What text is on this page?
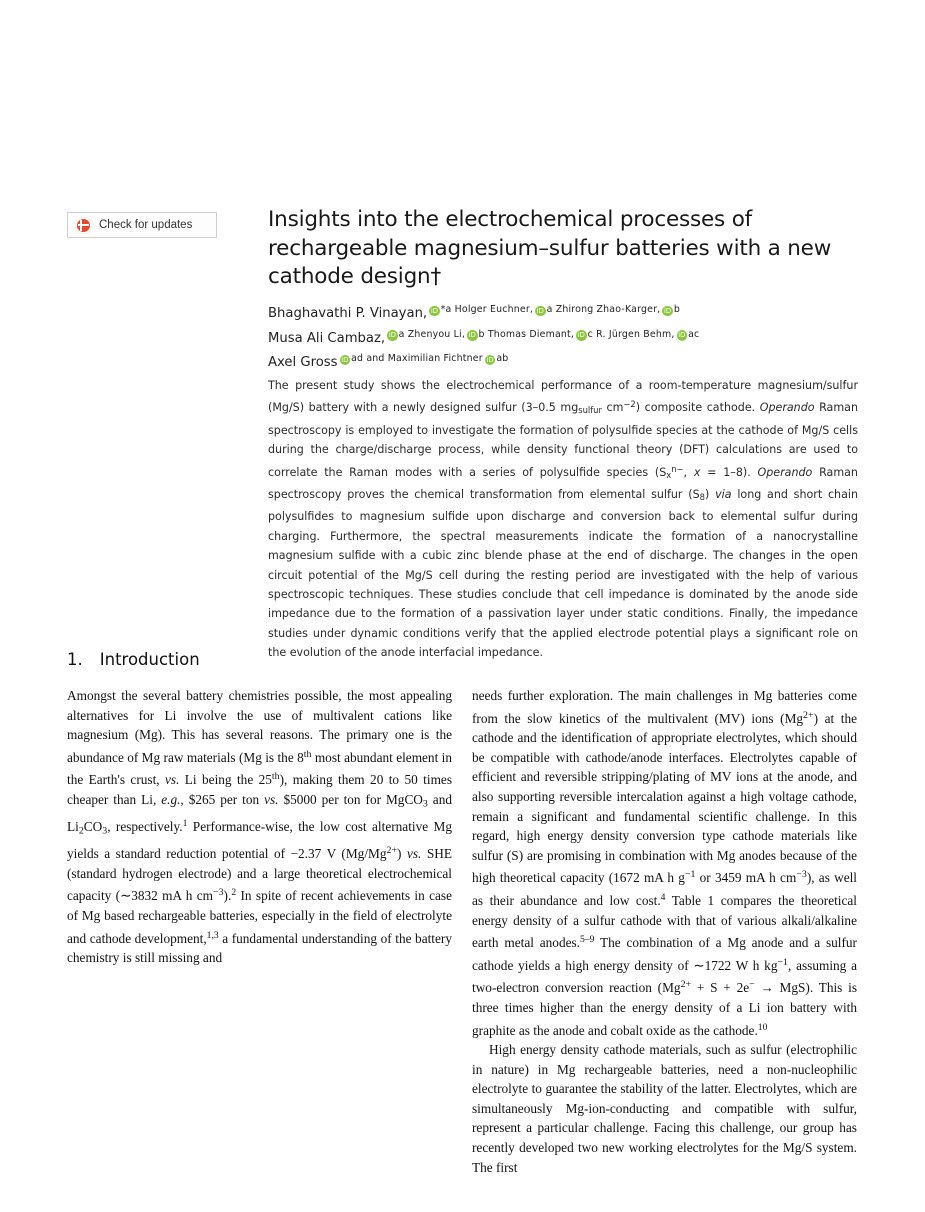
Check for updates	Insights into the electrochemical processes of rechargeable magnesium–sulfur batteries with a new cathode design†
Bhaghavathi P. Vinayan, iD $^{*a Holger Euchner,}$ iD $^{a Zhirong Zhao-Karger,}$ iD $^b$
Musa Ali Cambaz, iD $^{a Zhenyou Li,}$ iD $^{b Thomas Diemant,}$ iD $^{c R. Jürgen Behm,}$ iD $^{ac}$
Axel Gross iD $^{ad and Maximilian Fichtner}$ iD $^{ab}$
The present study shows the electrochemical performance of a room-temperature magnesium/sulfur (Mg/S) battery with a newly designed sulfur (3–0.5 $mg_{sulfur}$ $cm^{-2}$) composite cathode. Operando Raman spectroscopy is employed to investigate the formation of polysulfide species at the cathode of Mg/S cells during the charge/discharge process, while density functional theory (DFT) calculations are used to correlate the Raman modes with a series of polysulfide species ($S_x^{n-}$, x = 1–8). Operando Raman spectroscopy proves the chemical transformation from elemental sulfur $(S_8)$ via long and short chain polysulfides to magnesium sulfide upon discharge and conversion back to elemental sulfur during charging. Furthermore, the spectral measurements indicate the formation of a nanocrystalline magnesium sulfide with a cubic zinc blende phase at the end of discharge. The changes in the open circuit potential of the Mg/S cell during the resting period are investigated with the help of various spectroscopic techniques. These studies conclude that cell impedance is dominated by the anode side impedance due to the formation of a passivation layer under static conditions. Finally, the impedance studies under dynamic conditions verify that the applied electrode potential plays a significant role on the evolution of the anode interfacial impedance.
1. Introduction

Amongst the several battery chemistries possible, the most appealing alternatives for Li involve the use of multivalent cations like magnesium (Mg). This has several reasons. The primary one is the abundance of Mg raw materials (Mg is the 8th most abundant element in the Earth's crust, vs. Li being the 25th), making them 20 to 50 times cheaper than Li, e.g., $265 per ton vs. $5000 per ton for MgCO3 and Li2CO3, respectively.$^1$ Performance-wise, the low cost alternative Mg yields a standard reduction potential of −2.37 V $(Mg/Mg^{2+})$ vs. SHE (standard hydrogen electrode) and a large theoretical electrochemical capacity (∼3832 mA h $cm^{-3}).^2$ In spite of recent achievements in case of Mg based rechargeable batteries, especially in the field of electrolyte and cathode development,$^{1,3}$ a fundamental understanding of the battery chemistry is still missing and

needs further exploration. The main challenges in Mg batteries come from the slow kinetics of the multivalent (MV) ions $(Mg^{2+})$ at the cathode and the identification of appropriate electrolytes, which should be compatible with cathode/anode interfaces. Electrolytes capable of efficient and reversible stripping/plating of MV ions at the anode, and also supporting reversible intercalation against a high voltage cathode, remain a significant and fundamental scientific challenge. In this regard, high energy density conversion type cathode materials like sulfur (S) are promising in combination with Mg anodes because of the high theoretical capacity (1672 mA h $g^{-1}$ or 3459 mA h $cm^{-3}$), as well as their abundance and low cost.$^4$ Table 1 compares the theoretical energy density of a sulfur cathode with that of various alkali/alkaline earth metal anodes.$^{5-9}$ The combination of a Mg anode and a sulfur cathode yields a high energy density of ∼1722 W h $kg^{-1}$, assuming a two-electron conversion reaction $(Mg^{2+} + S + 2e^- \to MgS)$. This is three times higher than the energy density of a Li ion battery with graphite as the anode and cobalt oxide as the cathode.$^{10}$

High energy density cathode materials, such as sulfur (electrophilic in nature) in Mg rechargeable batteries, need a non-nucleophilic electrolyte to guarantee the stability of the latter. Electrolytes, which are simultaneously Mg-ion-conducting and compatible with sulfur, represent a particular challenge. Facing this challenge, our group has recently developed two new working electrolytes for the Mg/S system. The first
